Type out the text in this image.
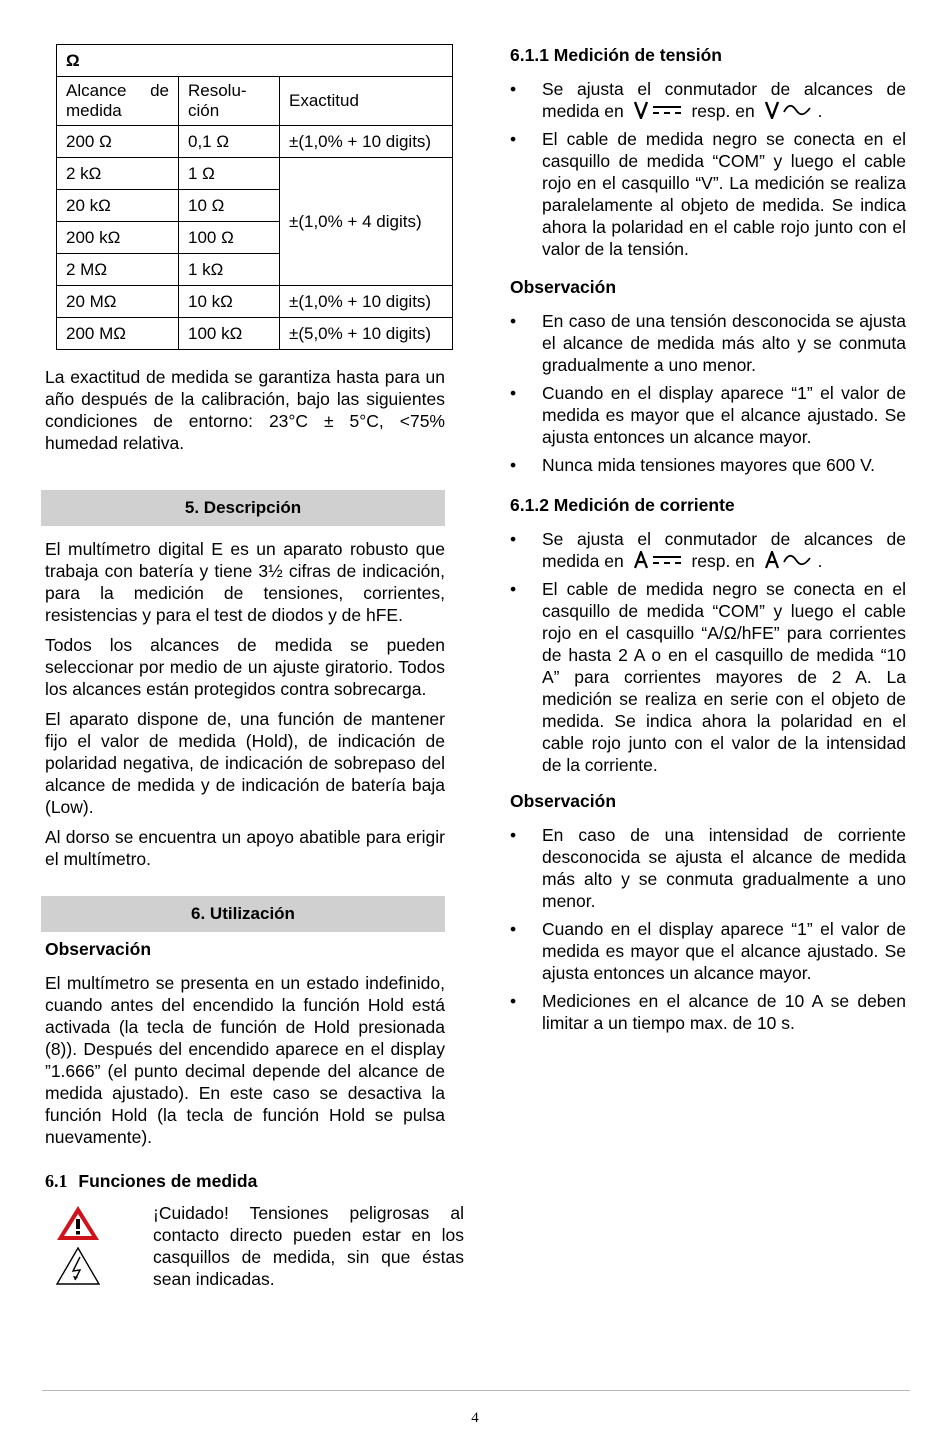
Ω		
Alcance de medida	Resolu-ción	Exactitud
200 Ω	0,1 Ω	±(1,0% + 10 digits)
2 kΩ	1 Ω	±(1,0% + 4 digits)
20 kΩ	10 Ω	
200 kΩ	100 Ω	
2 MΩ	1 kΩ	
20 MΩ	10 kΩ	±(1,0% + 10 digits)
200 MΩ	100 kΩ	±(5,0% + 10 digits)

La exactitud de medida se garantiza hasta para un año después de la calibración, bajo las siguientes condiciones de entorno: 23°C ± 5°C, <75% humedad relativa.

5. Descripción

El multímetro digital E es un aparato robusto que trabaja con batería y tiene 3½ cifras de indicación, para la medición de tensiones, corrientes, resistencias y para el test de diodos y de hFE.

Todos los alcances de medida se pueden seleccionar por medio de un ajuste giratorio. Todos los alcances están protegidos contra sobrecarga.

El aparato dispone de, una función de mantener fijo el valor de medida (Hold), de indicación de polaridad negativa, de indicación de sobrepaso del alcance de medida y de indicación de batería baja (Low).

Al dorso se encuentra un apoyo abatible para erigir el multímetro.

6. Utilización
Observación

El multímetro se presenta en un estado indefinido, cuando antes del encendido la función Hold está activada (la tecla de función de Hold presionada (8)). Después del encendido aparece en el display ”1.666” (el punto decimal depende del alcance de medida ajustado). En este caso se desactiva la función Hold (la tecla de función Hold se pulsa nuevamente).

6.1 Funciones de medida

¡Cuidado! Tensiones peligrosas al contacto directo pueden estar en los casquillos de medida, sin que éstas sean indicadas.

6.1.1 Medición de tensión
• Se ajusta el conmutador de alcances de medida en	resp. en	.
• El cable de medida negro se conecta en el casquillo de medida “COM” y luego el cable rojo en el casquillo “V”. La medición se realiza paralelamente al objeto de medida. Se indica ahora la polaridad en el cable rojo junto con el valor de la tensión.
Observación
• En caso de una tensión desconocida se ajusta el alcance de medida más alto y se conmuta gradualmente a uno menor.
• Cuando en el display aparece “1” el valor de medida es mayor que el alcance ajustado. Se ajusta entonces un alcance mayor.
• Nunca mida tensiones mayores que 600 V.
6.1.2 Medición de corriente
• Se ajusta el conmutador de alcances de medida en	resp. en	.
• El cable de medida negro se conecta en el casquillo de medida “COM” y luego el cable rojo en el casquillo “A/Ω/hFE” para corrientes de hasta 2 A o en el casquillo de medida “10 A” para corrientes mayores de 2 A. La medición se realiza en serie con el objeto de medida. Se indica ahora la polaridad en el cable rojo junto con el valor de la intensidad de la corriente.
Observación
• En caso de una intensidad de corriente desconocida se ajusta el alcance de medida más alto y se conmuta gradualmente a uno menor.
• Cuando en el display aparece “1” el valor de medida es mayor que el alcance ajustado. Se ajusta entonces un alcance mayor.
• Mediciones en el alcance de 10 A se deben limitar a un tiempo max. de 10 s.
4
